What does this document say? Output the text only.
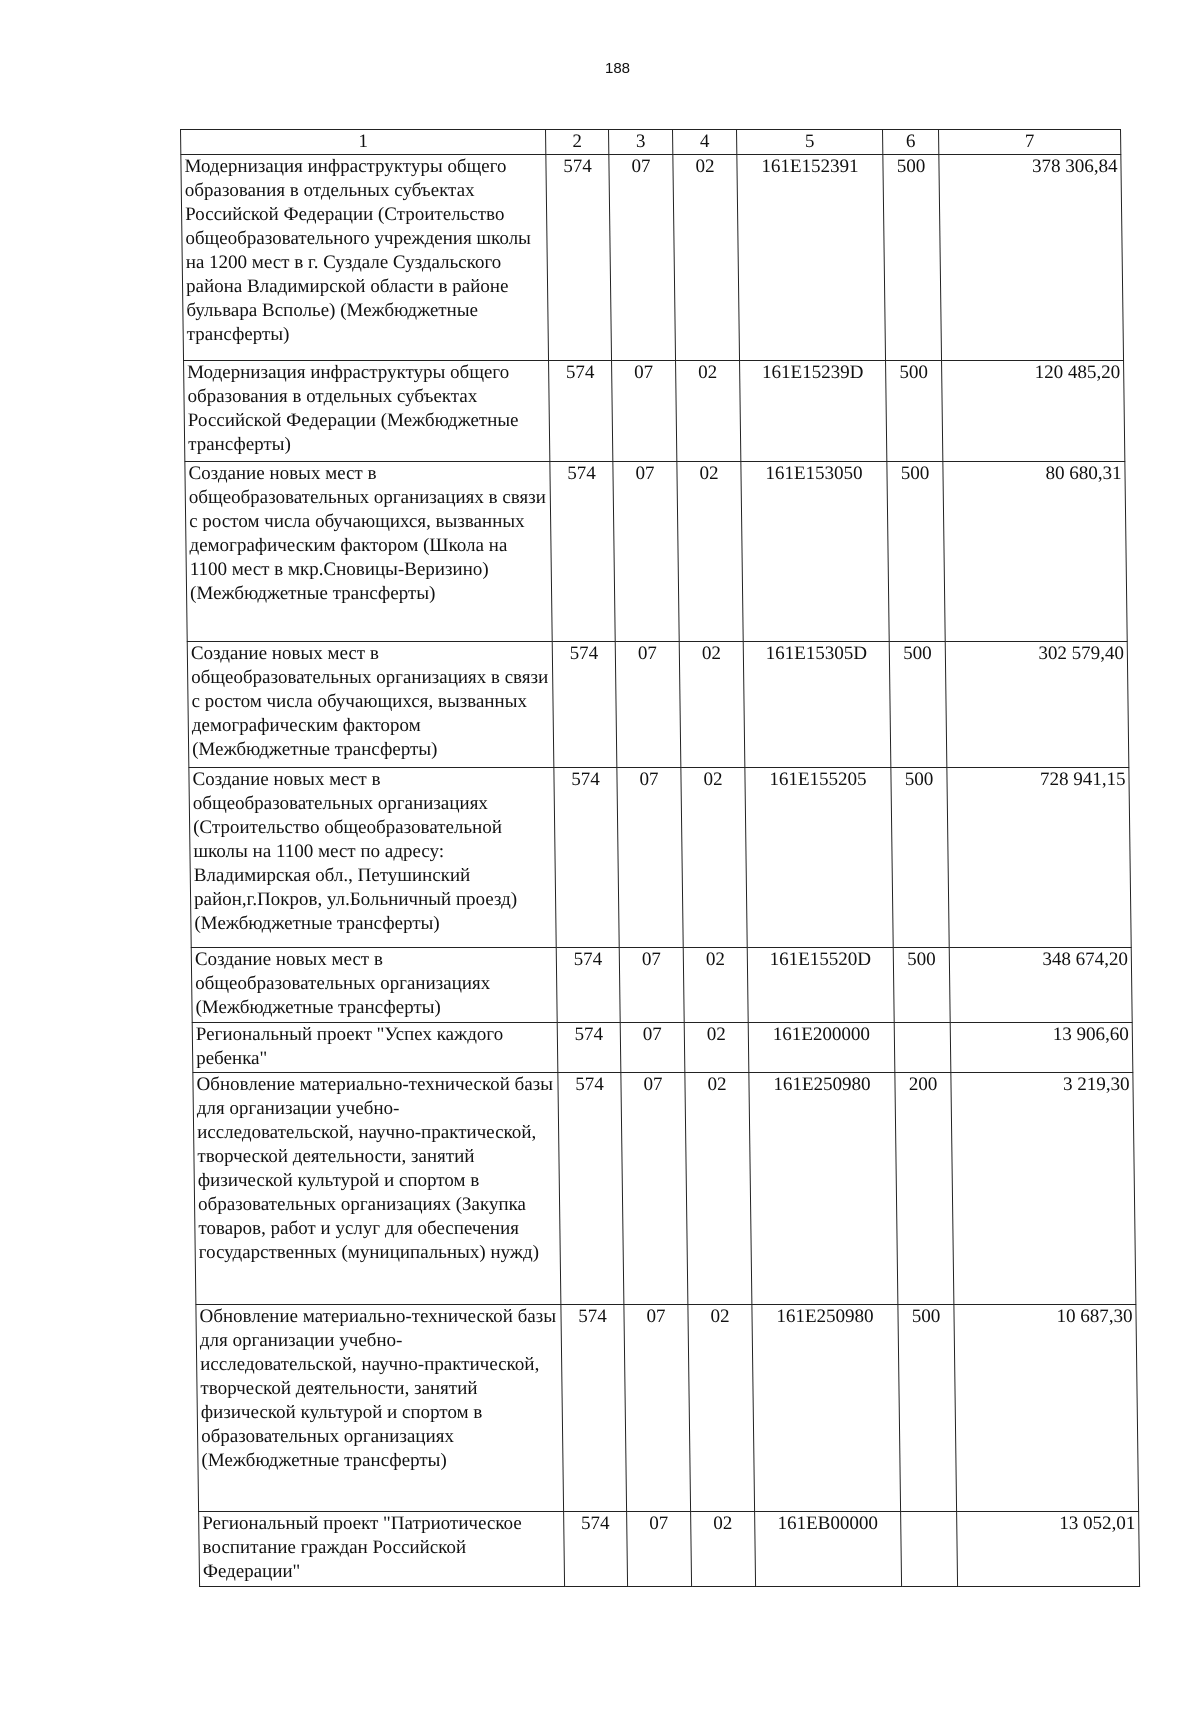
188
1	2	3	4	5	6	7
Модернизация инфраструктуры общего образования в отдельных субъектах Российской Федерации (Строительство общеобразовательного учреждения школы на 1200 мест в г. Суздале Суздальского района Владимирской области в районе бульвара Всполье) (Межбюджетные трансферты)	574	07	02	161E152391	500	378 306,84
Модернизация инфраструктуры общего образования в отдельных субъектах Российской Федерации (Межбюджетные трансферты)	574	07	02	161E15239D	500	120 485,20
Создание новых мест в общеобразовательных организациях в связи с ростом числа обучающихся, вызванных демографическим фактором (Школа на 1100 мест в мкр.Сновицы-Веризино) (Межбюджетные трансферты)	574	07	02	161E153050	500	80 680,31
Создание новых мест в общеобразовательных организациях в связи с ростом числа обучающихся, вызванных демографическим фактором (Межбюджетные трансферты)	574	07	02	161E15305D	500	302 579,40
Создание новых мест в общеобразовательных организациях (Строительство общеобразовательной школы на 1100 мест по адресу: Владимирская обл., Петушинский район,г.Покров, ул.Больничный проезд) (Межбюджетные трансферты)	574	07	02	161E155205	500	728 941,15
Создание новых мест в общеобразовательных организациях (Межбюджетные трансферты)	574	07	02	161E15520D	500	348 674,20
Региональный проект "Успех каждого ребенка"	574	07	02	161E200000		13 906,60
Обновление материально-технической базы для организации учебно-исследовательской, научно-практической, творческой деятельности, занятий физической культурой и спортом в образовательных организациях (Закупка товаров, работ и услуг для обеспечения государственных (муниципальных) нужд)	574	07	02	161E250980	200	3 219,30
Обновление материально-технической базы для организации учебно-исследовательской, научно-практической, творческой деятельности, занятий физической культурой и спортом в образовательных организациях (Межбюджетные трансферты)	574	07	02	161E250980	500	10 687,30
Региональный проект "Патриотическое воспитание граждан Российской Федерации"	574	07	02	161EB00000		13 052,01
